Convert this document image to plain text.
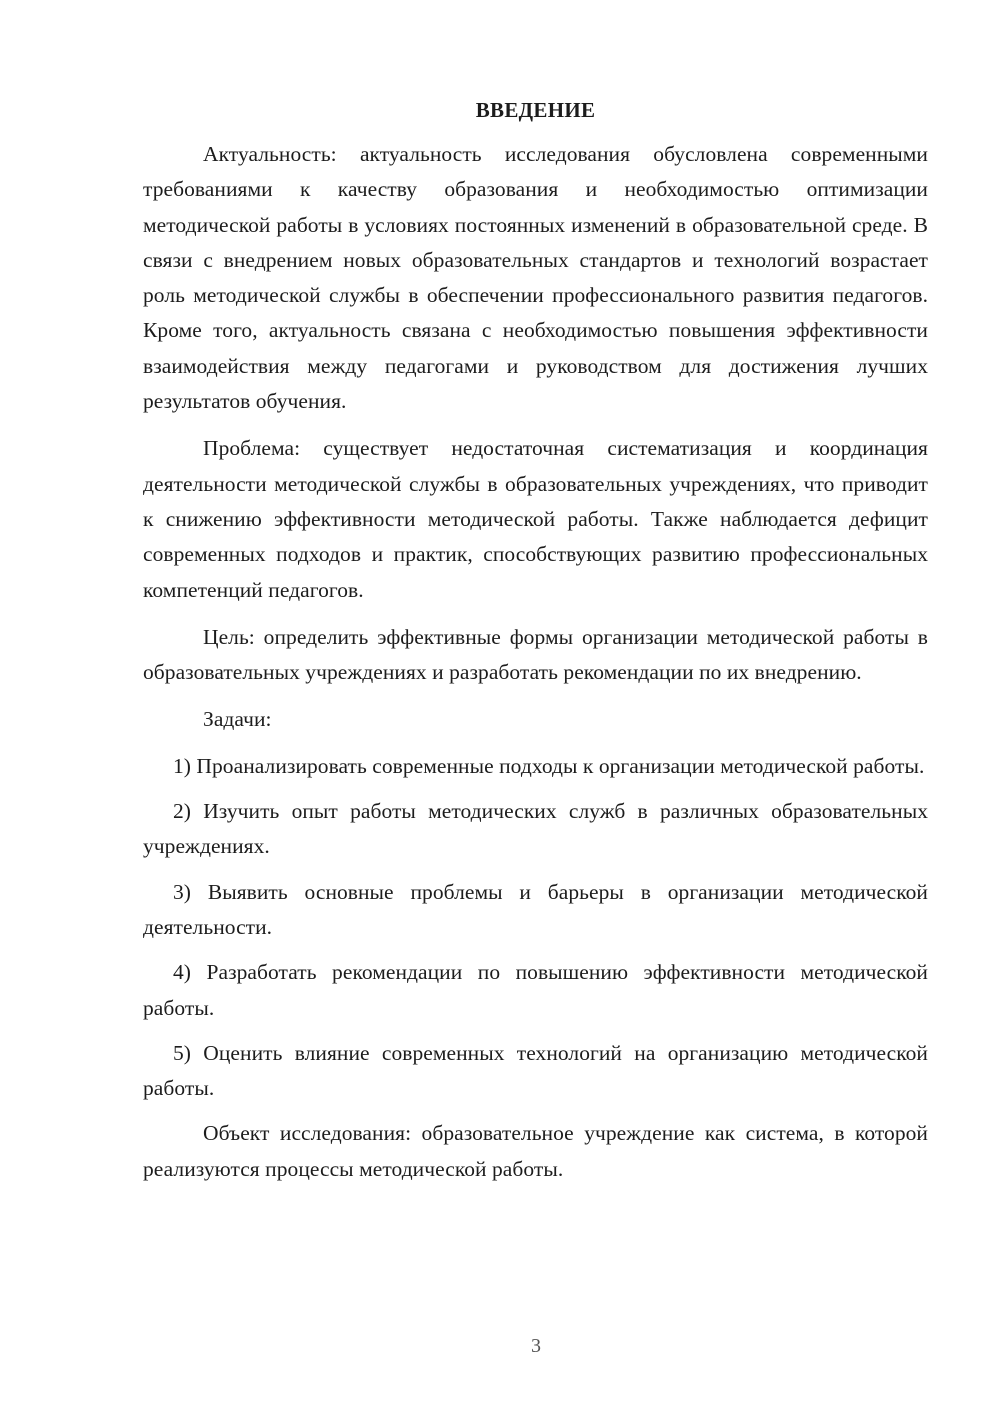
ВВЕДЕНИЕ

Актуальность: актуальность исследования обусловлена современными требованиями к качеству образования и необходимостью оптимизации методической работы в условиях постоянных изменений в образовательной среде. В связи с внедрением новых образовательных стандартов и технологий возрастает роль методической службы в обеспечении профессионального развития педагогов. Кроме того, актуальность связана с необходимостью повышения эффективности взаимодействия между педагогами и руководством для достижения лучших результатов обучения.

Проблема: существует недостаточная систематизация и координация деятельности методической службы в образовательных учреждениях, что приводит к снижению эффективности методической работы. Также наблюдается дефицит современных подходов и практик, способствующих развитию профессиональных компетенций педагогов.

Цель: определить эффективные формы организации методической работы в образовательных учреждениях и разработать рекомендации по их внедрению.

Задачи:

1) Проанализировать современные подходы к организации методической работы.

2) Изучить опыт работы методических служб в различных образовательных учреждениях.

3) Выявить основные проблемы и барьеры в организации методической деятельности.

4) Разработать рекомендации по повышению эффективности методической работы.

5) Оценить влияние современных технологий на организацию методической работы.

Объект исследования: образовательное учреждение как система, в которой реализуются процессы методической работы.

3
